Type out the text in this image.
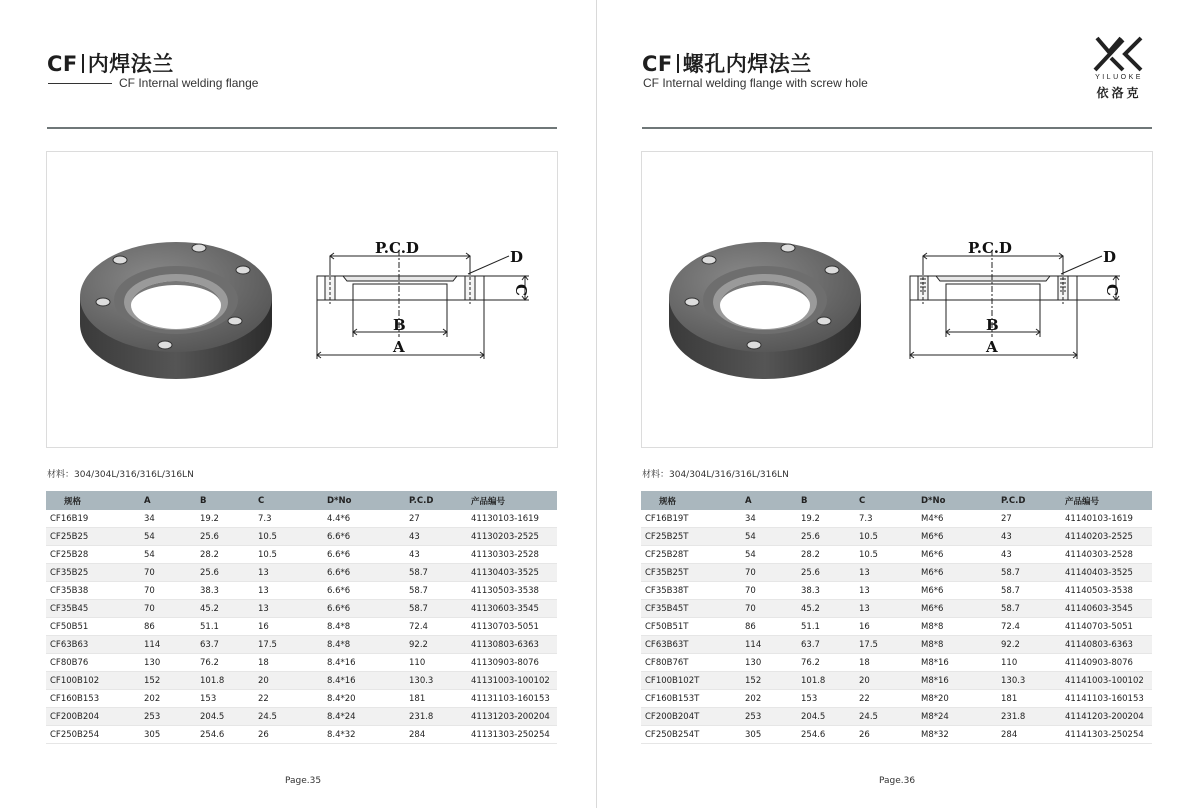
CF 内焊法兰
CF Internal welding flange
P.C.D	D
C
B
A
材料：304/304L/316/316L/316LN
规格	A	B	C	D*No	P.C.D	产品编号
CF16B19	34	19.2	7.3	4.4*6	27	41130103-1619
CF25B25	54	25.6	10.5	6.6*6	43	41130203-2525
CF25B28	54	28.2	10.5	6.6*6	43	41130303-2528
CF35B25	70	25.6	13	6.6*6	58.7	41130403-3525
CF35B38	70	38.3	13	6.6*6	58.7	41130503-3538
CF35B45	70	45.2	13	6.6*6	58.7	41130603-3545
CF50B51	86	51.1	16	8.4*8	72.4	41130703-5051
CF63B63	114	63.7	17.5	8.4*8	92.2	41130803-6363
CF80B76	130	76.2	18	8.4*16	110	41130903-8076
CF100B102	152	101.8	20	8.4*16	130.3	41131003-100102
CF160B153	202	153	22	8.4*20	181	41131103-160153
CF200B204	253	204.5	24.5	8.4*24	231.8	41131203-200204
CF250B254	305	254.6	26	8.4*32	284	41131303-250254
Page.35
CF 螺孔内焊法兰
CF Internal welding flange with screw hole	YILUOKE
依洛克
P.C.D	D
C
B
A
材料：304/304L/316/316L/316LN
规格	A	B	C	D*No	P.C.D	产品编号
CF16B19T	34	19.2	7.3	M4*6	27	41140103-1619
CF25B25T	54	25.6	10.5	M6*6	43	41140203-2525
CF25B28T	54	28.2	10.5	M6*6	43	41140303-2528
CF35B25T	70	25.6	13	M6*6	58.7	41140403-3525
CF35B38T	70	38.3	13	M6*6	58.7	41140503-3538
CF35B45T	70	45.2	13	M6*6	58.7	41140603-3545
CF50B51T	86	51.1	16	M8*8	72.4	41140703-5051
CF63B63T	114	63.7	17.5	M8*8	92.2	41140803-6363
CF80B76T	130	76.2	18	M8*16	110	41140903-8076
CF100B102T	152	101.8	20	M8*16	130.3	41141003-100102
CF160B153T	202	153	22	M8*20	181	41141103-160153
CF200B204T	253	204.5	24.5	M8*24	231.8	41141203-200204
CF250B254T	305	254.6	26	M8*32	284	41141303-250254
Page.36
